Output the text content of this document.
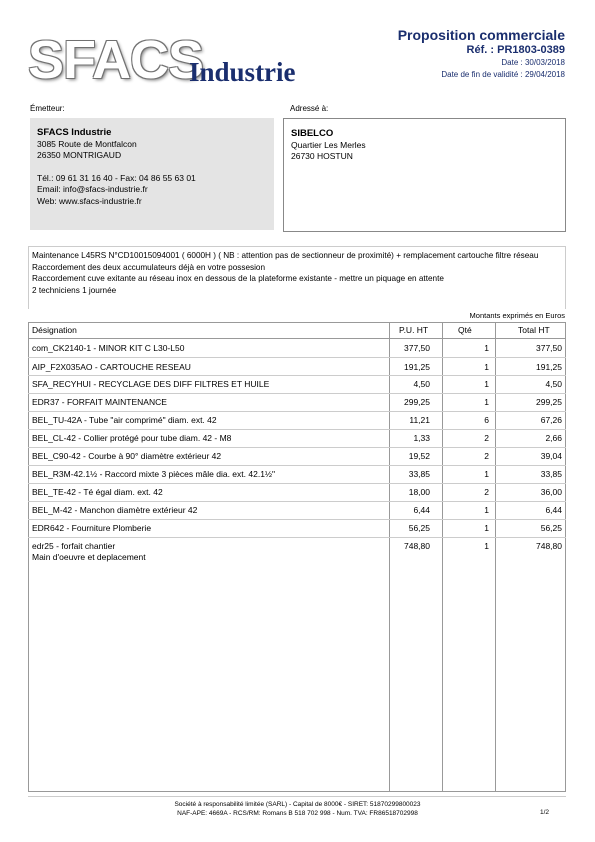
SFACS
Industrie
Proposition commerciale
Réf. : PR1803-0389
Date : 30/03/2018
Date de fin de validité : 29/04/2018
Émetteur:
SFACS Industrie
3085 Route de Montfalcon
26350 MONTRIGAUD
Tél.: 09 61 31 16 40 - Fax: 04 86 55 63 01
Email: info@sfacs-industrie.fr
Web: www.sfacs-industrie.fr
Adressé à:
SIBELCO
Quartier Les Merles
26730 HOSTUN
Maintenance L45RS N°CD10015094001 ( 6000H ) ( NB : attention pas de sectionneur de proximité) + remplacement cartouche filtre réseau
Raccordement des deux accumulateurs déjà en votre possesion
Raccordement cuve exitante au réseau inox en dessous de la plateforme existante - mettre un piquage en attente
2 techniciens 1 journée
Montants exprimés en Euros
Désignation	P.U. HT	Qté	Total HT
com_CK2140-1 - MINOR KIT C L30-L50	377,50	1	377,50
AIP_F2X035AO - CARTOUCHE RESEAU	191,25	1	191,25
SFA_RECYHUI - RECYCLAGE DES DIFF FILTRES ET HUILE	4,50	1	4,50
EDR37 - FORFAIT MAINTENANCE	299,25	1	299,25
BEL_TU-42A - Tube "air comprimé" diam. ext. 42	11,21	6	67,26
BEL_CL-42 - Collier protégé pour tube diam. 42 - M8	1,33	2	2,66
BEL_C90-42 - Courbe à 90° diamètre extérieur 42	19,52	2	39,04
BEL_R3M-42.1½ - Raccord mixte 3 pièces mâle dia. ext. 42.1½"	33,85	1	33,85
BEL_TE-42 - Té égal diam. ext. 42	18,00	2	36,00
BEL_M-42 - Manchon diamètre extérieur 42	6,44	1	6,44
EDR642 - Fourniture Plomberie	56,25	1	56,25
edr25 - forfait chantier
Main d'oeuvre et deplacement
748,80	1	748,80
Société à responsabilité limitée (SARL) - Capital de 8000€ - SIRET: 51870299800023
NAF-APE: 4669A - RCS/RM: Romans B 518 702 998 - Num. TVA: FR86518702998	1/2
